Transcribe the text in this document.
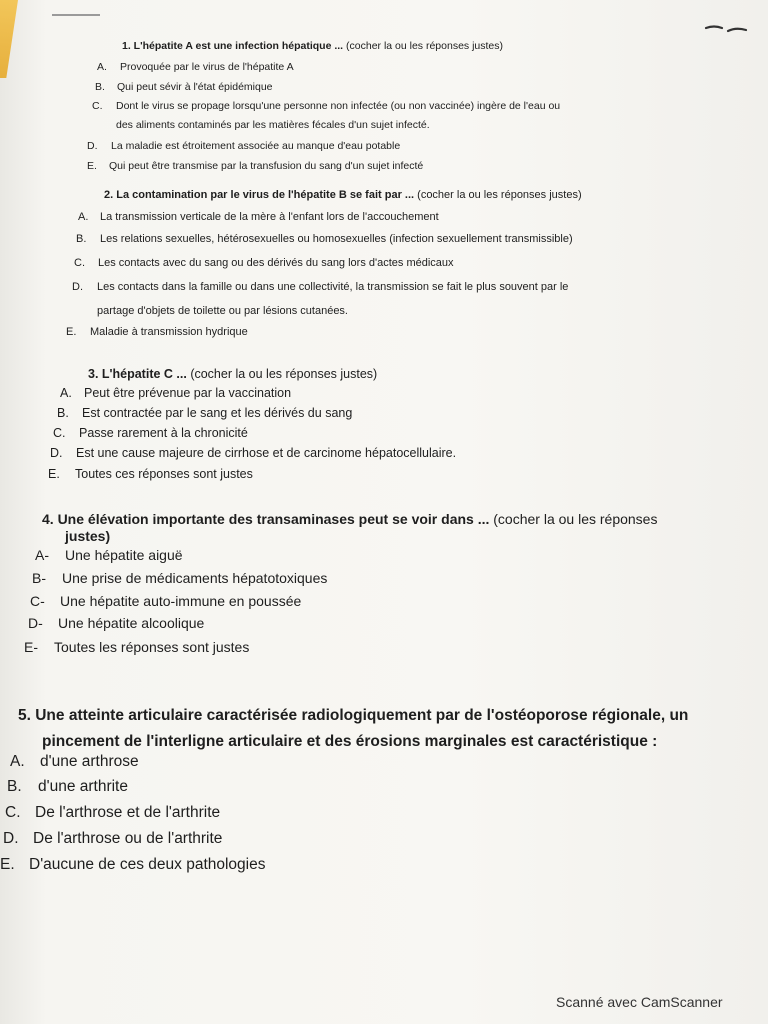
1. L'hépatite A est une infection hépatique ... (cocher la ou les réponses justes)
A. Provoquée par le virus de l'hépatite A
B. Qui peut sévir à l'état épidémique
C. Dont le virus se propage lorsqu'une personne non infectée (ou non vaccinée) ingère de l'eau ou
des aliments contaminés par les matières fécales d'un sujet infecté.
D. La maladie est étroitement associée au manque d'eau potable
E. Qui peut être transmise par la transfusion du sang d'un sujet infecté
2. La contamination par le virus de l'hépatite B se fait par ... (cocher la ou les réponses justes)
A. La transmission verticale de la mère à l'enfant lors de l'accouchement
B. Les relations sexuelles, hétérosexuelles ou homosexuelles (infection sexuellement transmissible)
C. Les contacts avec du sang ou des dérivés du sang lors d'actes médicaux
D. Les contacts dans la famille ou dans une collectivité, la transmission se fait le plus souvent par le
partage d'objets de toilette ou par lésions cutanées.
E. Maladie à transmission hydrique
3. L'hépatite C ... (cocher la ou les réponses justes)
A. Peut être prévenue par la vaccination
B. Est contractée par le sang et les dérivés du sang
C. Passe rarement à la chronicité
D. Est une cause majeure de cirrhose et de carcinome hépatocellulaire.
E. Toutes ces réponses sont justes
4. Une élévation importante des transaminases peut se voir dans ... (cocher la ou les réponses
justes)
A- Une hépatite aiguë
B- Une prise de médicaments hépatotoxiques
C- Une hépatite auto-immune en poussée
D- Une hépatite alcoolique
E- Toutes les réponses sont justes
5. Une atteinte articulaire caractérisée radiologiquement par de l'ostéoporose régionale, un
pincement de l'interligne articulaire et des érosions marginales est caractéristique :
A. d'une arthrose
B. d'une arthrite
C. De l'arthrose et de l'arthrite
D. De l'arthrose ou de l'arthrite
E. D'aucune de ces deux pathologies
Scanné avec CamScanner
